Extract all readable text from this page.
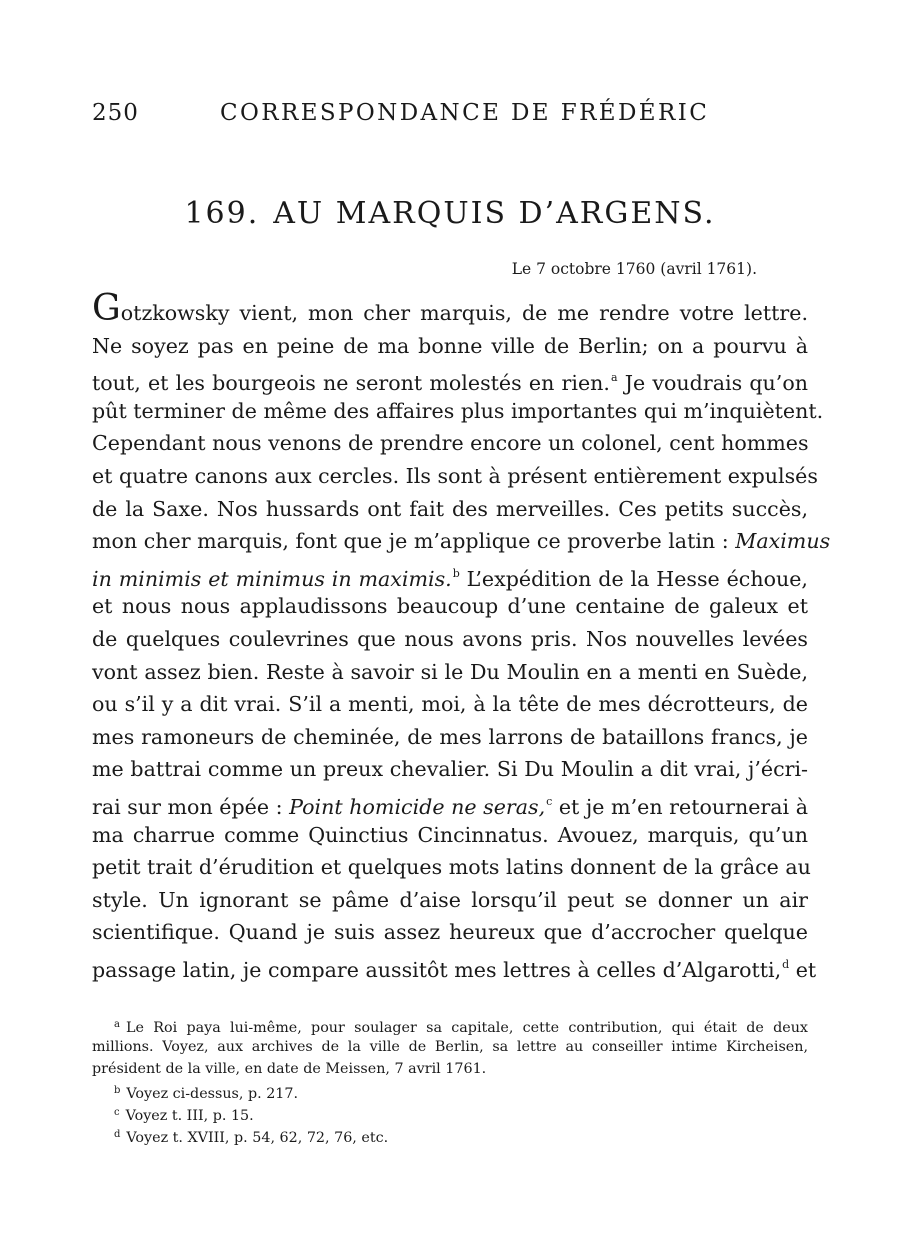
250	CORRESPONDANCE DE FRÉDÉRIC
169. AU MARQUIS D’ARGENS.
Le 7 octobre 1760 (avril 1761).
Gotzkowsky vient, mon cher marquis, de me rendre votre lettre.
Ne soyez pas en peine de ma bonne ville de Berlin; on a pourvu à
tout, et les bourgeois ne seront molestés en rien.$^a$ Je voudrais qu’on
pût terminer de même des affaires plus importantes qui m’inquiètent.
Cependant nous venons de prendre encore un colonel, cent hommes
et quatre canons aux cercles. Ils sont à présent entièrement expulsés
de la Saxe. Nos hussards ont fait des merveilles. Ces petits succès,
mon cher marquis, font que je m’applique ce proverbe latin : Maximus
in minimis et minimus in maximis.$^b$ L’expédition de la Hesse échoue,
et nous nous applaudissons beaucoup d’une centaine de galeux et
de quelques coulevrines que nous avons pris. Nos nouvelles levées
vont assez bien. Reste à savoir si le Du Moulin en a menti en Suède,
ou s’il y a dit vrai. S’il a menti, moi, à la tête de mes décrotteurs, de
mes ramoneurs de cheminée, de mes larrons de bataillons francs, je
me battrai comme un preux chevalier. Si Du Moulin a dit vrai, j’écri-
rai sur mon épée : Point homicide ne seras,$^c$ et je m’en retournerai à
ma charrue comme Quinctius Cincinnatus. Avouez, marquis, qu’un
petit trait d’érudition et quelques mots latins donnent de la grâce au
style. Un ignorant se pâme d’aise lorsqu’il peut se donner un air
scientifique. Quand je suis assez heureux que d’accrocher quelque
passage latin, je compare aussitôt mes lettres à celles d’Algarotti,$^d$ et
$^a$ Le Roi paya lui-même, pour soulager sa capitale, cette contribution, qui était de deux
millions. Voyez, aux archives de la ville de Berlin, sa lettre au conseiller intime Kircheisen,
président de la ville, en date de Meissen, 7 avril 1761.
$^b$ Voyez ci-dessus, p. 217.
$^c$ Voyez t. III, p. 15.
$^d$ Voyez t. XVIII, p. 54, 62, 72, 76, etc.
